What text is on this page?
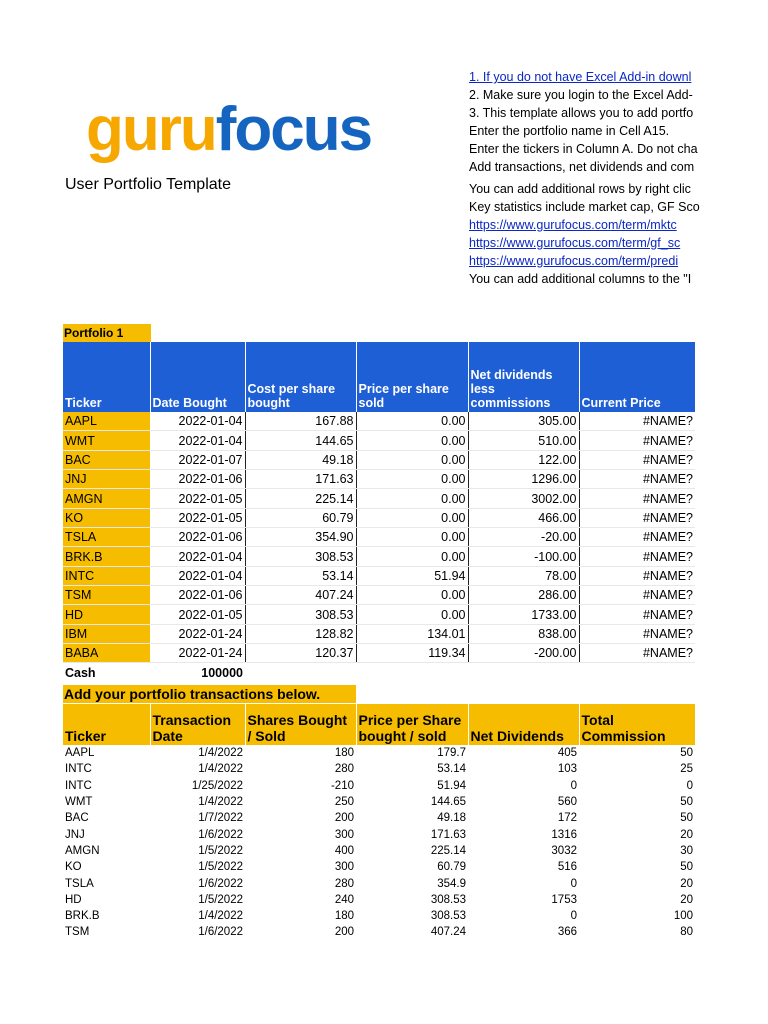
gurufocus
User Portfolio Template
1. If you do not have Excel Add-in downl
2. Make sure you login to the Excel Add-
3. This template allows you to add portfo
Enter the portfolio name in Cell A15.
Enter the tickers in Column A. Do not cha
Add transactions, net dividends and com
You can add additional rows by right clic
Key statistics include market cap, GF Sco
https://www.gurufocus.com/term/mktc
https://www.gurufocus.com/term/gf_sc
https://www.gurufocus.com/term/predi
You can add additional columns to the "I
Portfolio 1
Ticker	Date Bought	Cost per share bought	Price per share sold	Net dividends less commissions	Current Price
AAPL	2022-01-04	167.88	0.00	305.00	#NAME?
WMT	2022-01-04	144.65	0.00	510.00	#NAME?
BAC	2022-01-07	49.18	0.00	122.00	#NAME?
JNJ	2022-01-06	171.63	0.00	1296.00	#NAME?
AMGN	2022-01-05	225.14	0.00	3002.00	#NAME?
KO	2022-01-05	60.79	0.00	466.00	#NAME?
TSLA	2022-01-06	354.90	0.00	-20.00	#NAME?
BRK.B	2022-01-04	308.53	0.00	-100.00	#NAME?
INTC	2022-01-04	53.14	51.94	78.00	#NAME?
TSM	2022-01-06	407.24	0.00	286.00	#NAME?
HD	2022-01-05	308.53	0.00	1733.00	#NAME?
IBM	2022-01-24	128.82	134.01	838.00	#NAME?
BABA	2022-01-24	120.37	119.34	-200.00	#NAME?
Cash	100000				
Add your portfolio transactions below.
Ticker	Transaction Date	Shares Bought / Sold	Price per Share bought / sold	Net Dividends	Total Commission
AAPL	1/4/2022	180	179.7	405	50
INTC	1/4/2022	280	53.14	103	25
INTC	1/25/2022	-210	51.94	0	0
WMT	1/4/2022	250	144.65	560	50
BAC	1/7/2022	200	49.18	172	50
JNJ	1/6/2022	300	171.63	1316	20
AMGN	1/5/2022	400	225.14	3032	30
KO	1/5/2022	300	60.79	516	50
TSLA	1/6/2022	280	354.9	0	20
HD	1/5/2022	240	308.53	1753	20
BRK.B	1/4/2022	180	308.53	0	100
TSM	1/6/2022	200	407.24	366	80
